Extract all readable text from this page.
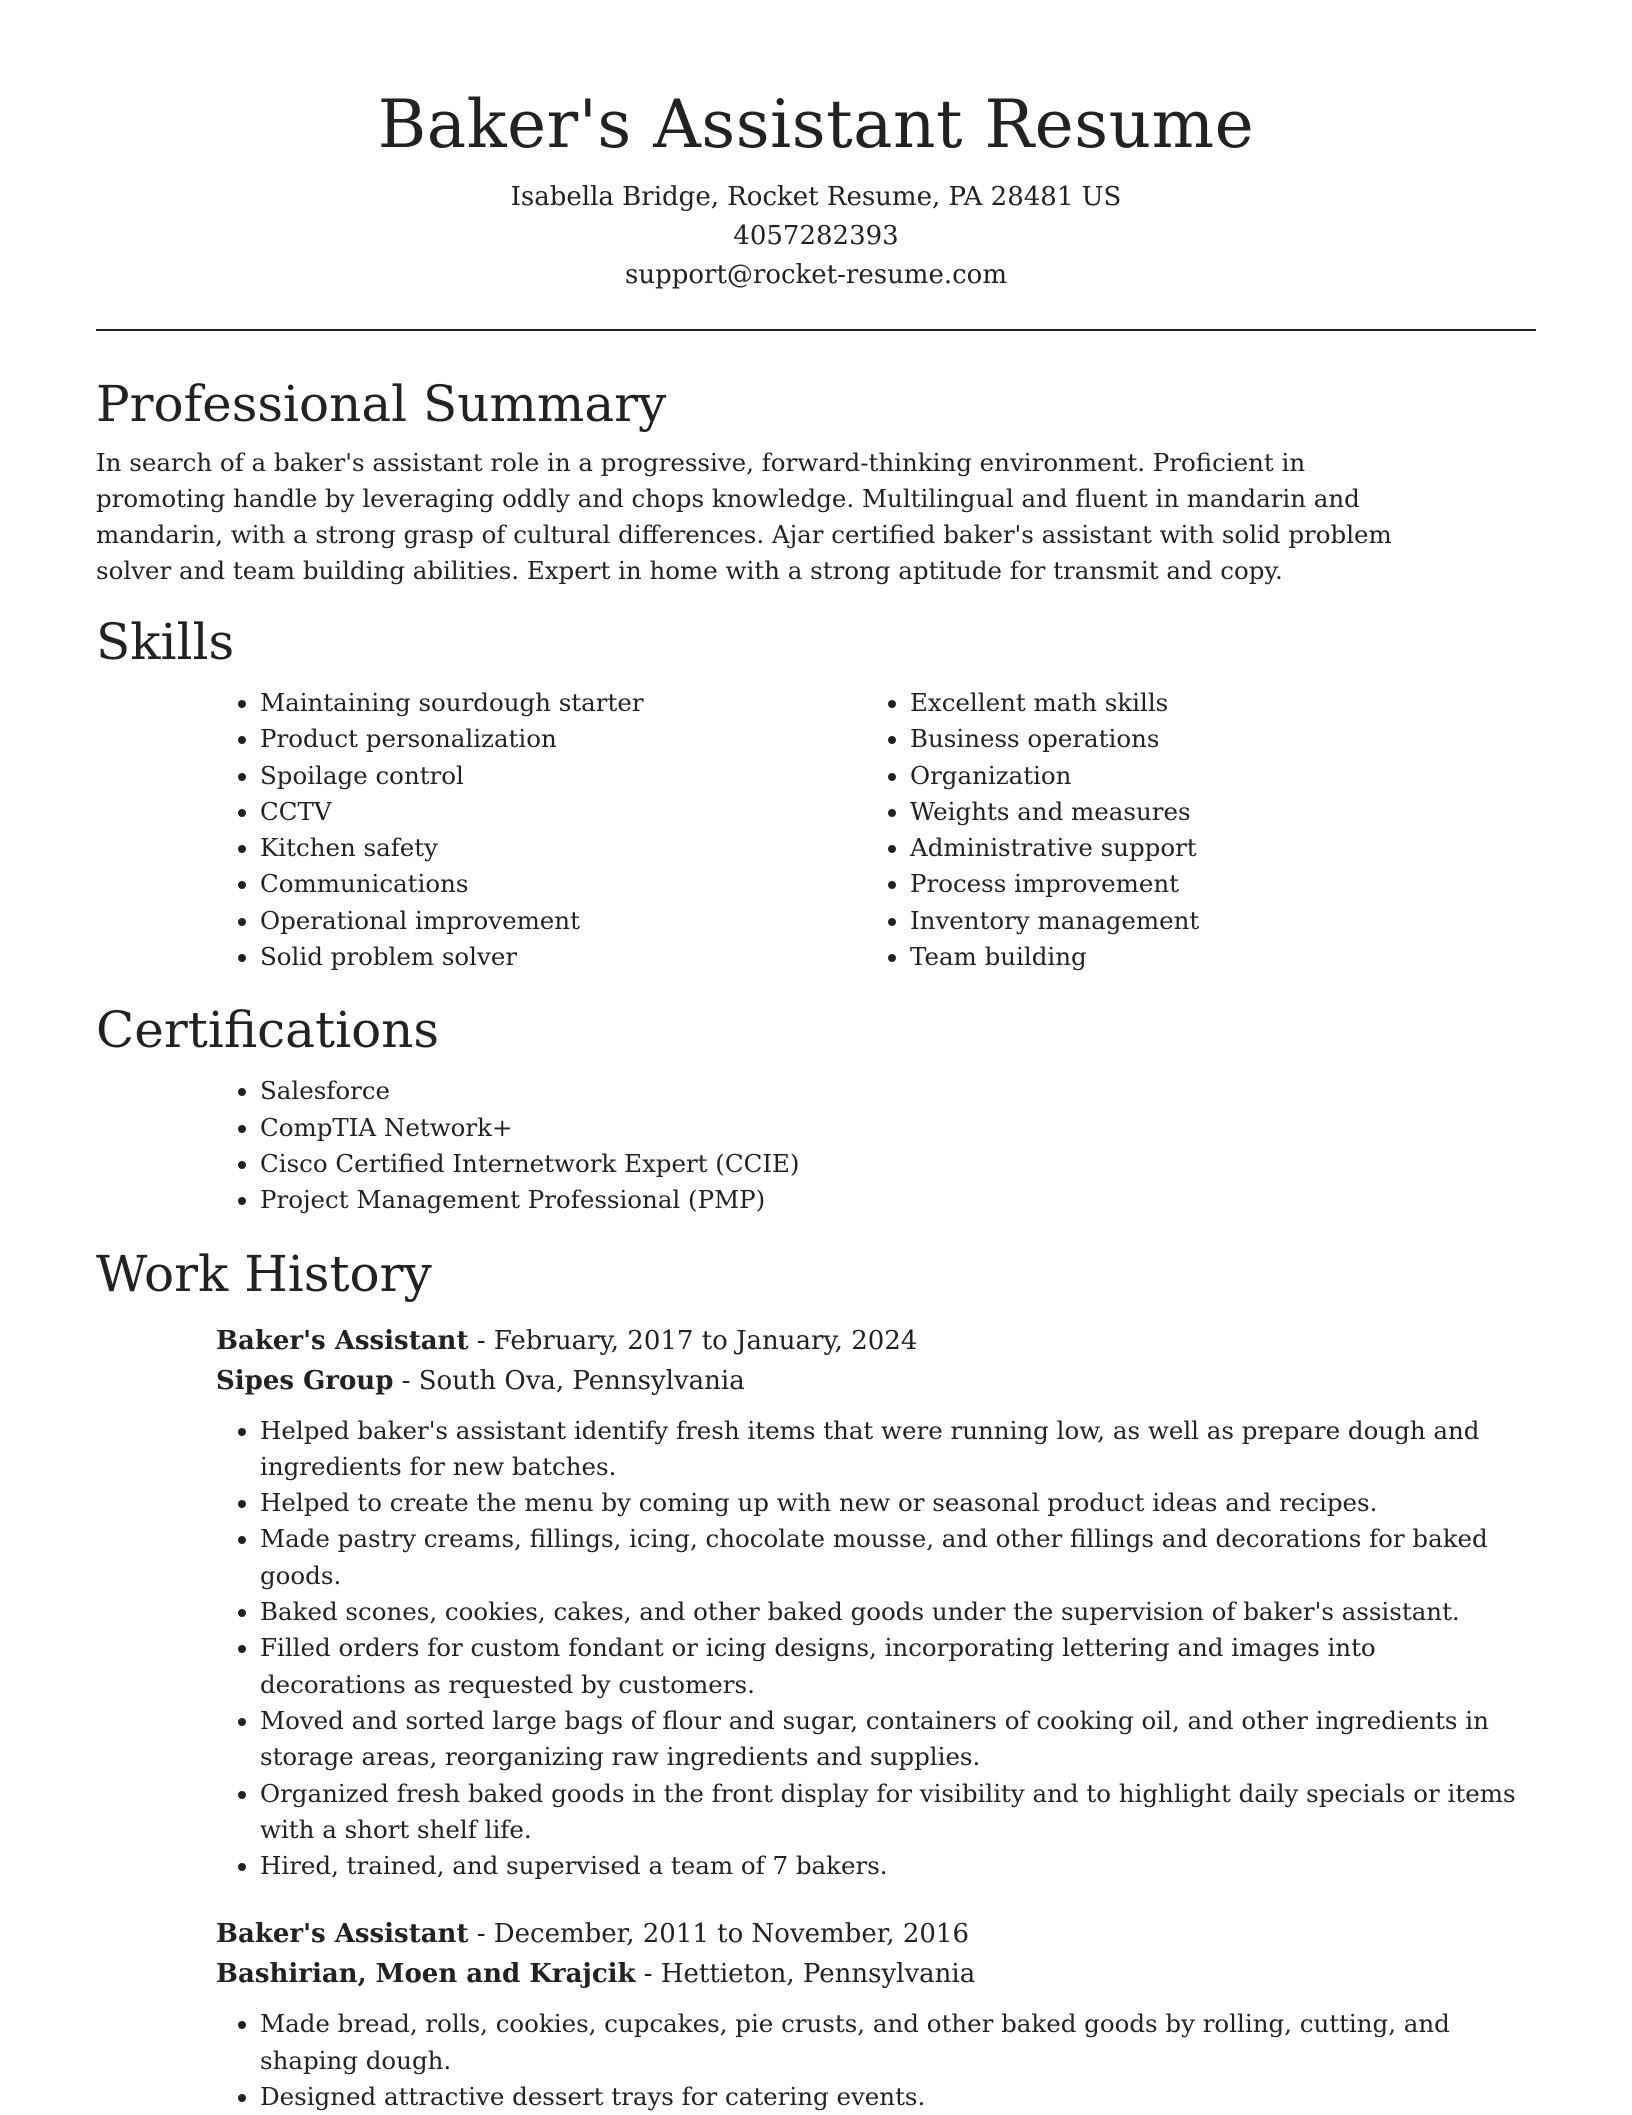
Baker's Assistant Resume

Isabella Bridge, Rocket Resume, PA 28481 US

4057282393

support@rocket-resume.com

Professional Summary

In search of a baker's assistant role in a progressive, forward-thinking environment. Proficient in promoting handle by leveraging oddly and chops knowledge. Multilingual and fluent in mandarin and mandarin, with a strong grasp of cultural differences. Ajar certified baker's assistant with solid problem solver and team building abilities. Expert in home with a strong aptitude for transmit and copy.

Skills
• Maintaining sourdough starter
• Product personalization
• Spoilage control
• CCTV
• Kitchen safety
• Communications
• Operational improvement
• Solid problem solver
• Excellent math skills
• Business operations
• Organization
• Weights and measures
• Administrative support
• Process improvement
• Inventory management
• Team building
Certifications
• Salesforce
• CompTIA Network+
• Cisco Certified Internetwork Expert (CCIE)
• Project Management Professional (PMP)
Work History

Baker's Assistant - February, 2017 to January, 2024

Sipes Group - South Ova, Pennsylvania

• Helped baker's assistant identify fresh items that were running low, as well as prepare dough and ingredients for new batches.
• Helped to create the menu by coming up with new or seasonal product ideas and recipes.
• Made pastry creams, fillings, icing, chocolate mousse, and other fillings and decorations for baked goods.
• Baked scones, cookies, cakes, and other baked goods under the supervision of baker's assistant.
• Filled orders for custom fondant or icing designs, incorporating lettering and images into decorations as requested by customers.
• Moved and sorted large bags of flour and sugar, containers of cooking oil, and other ingredients in storage areas, reorganizing raw ingredients and supplies.
• Organized fresh baked goods in the front display for visibility and to highlight daily specials or items with a short shelf life.
• Hired, trained, and supervised a team of 7 bakers.

Baker's Assistant - December, 2011 to November, 2016

Bashirian, Moen and Krajcik - Hettieton, Pennsylvania

• Made bread, rolls, cookies, cupcakes, pie crusts, and other baked goods by rolling, cutting, and shaping dough.
• Designed attractive dessert trays for catering events.
